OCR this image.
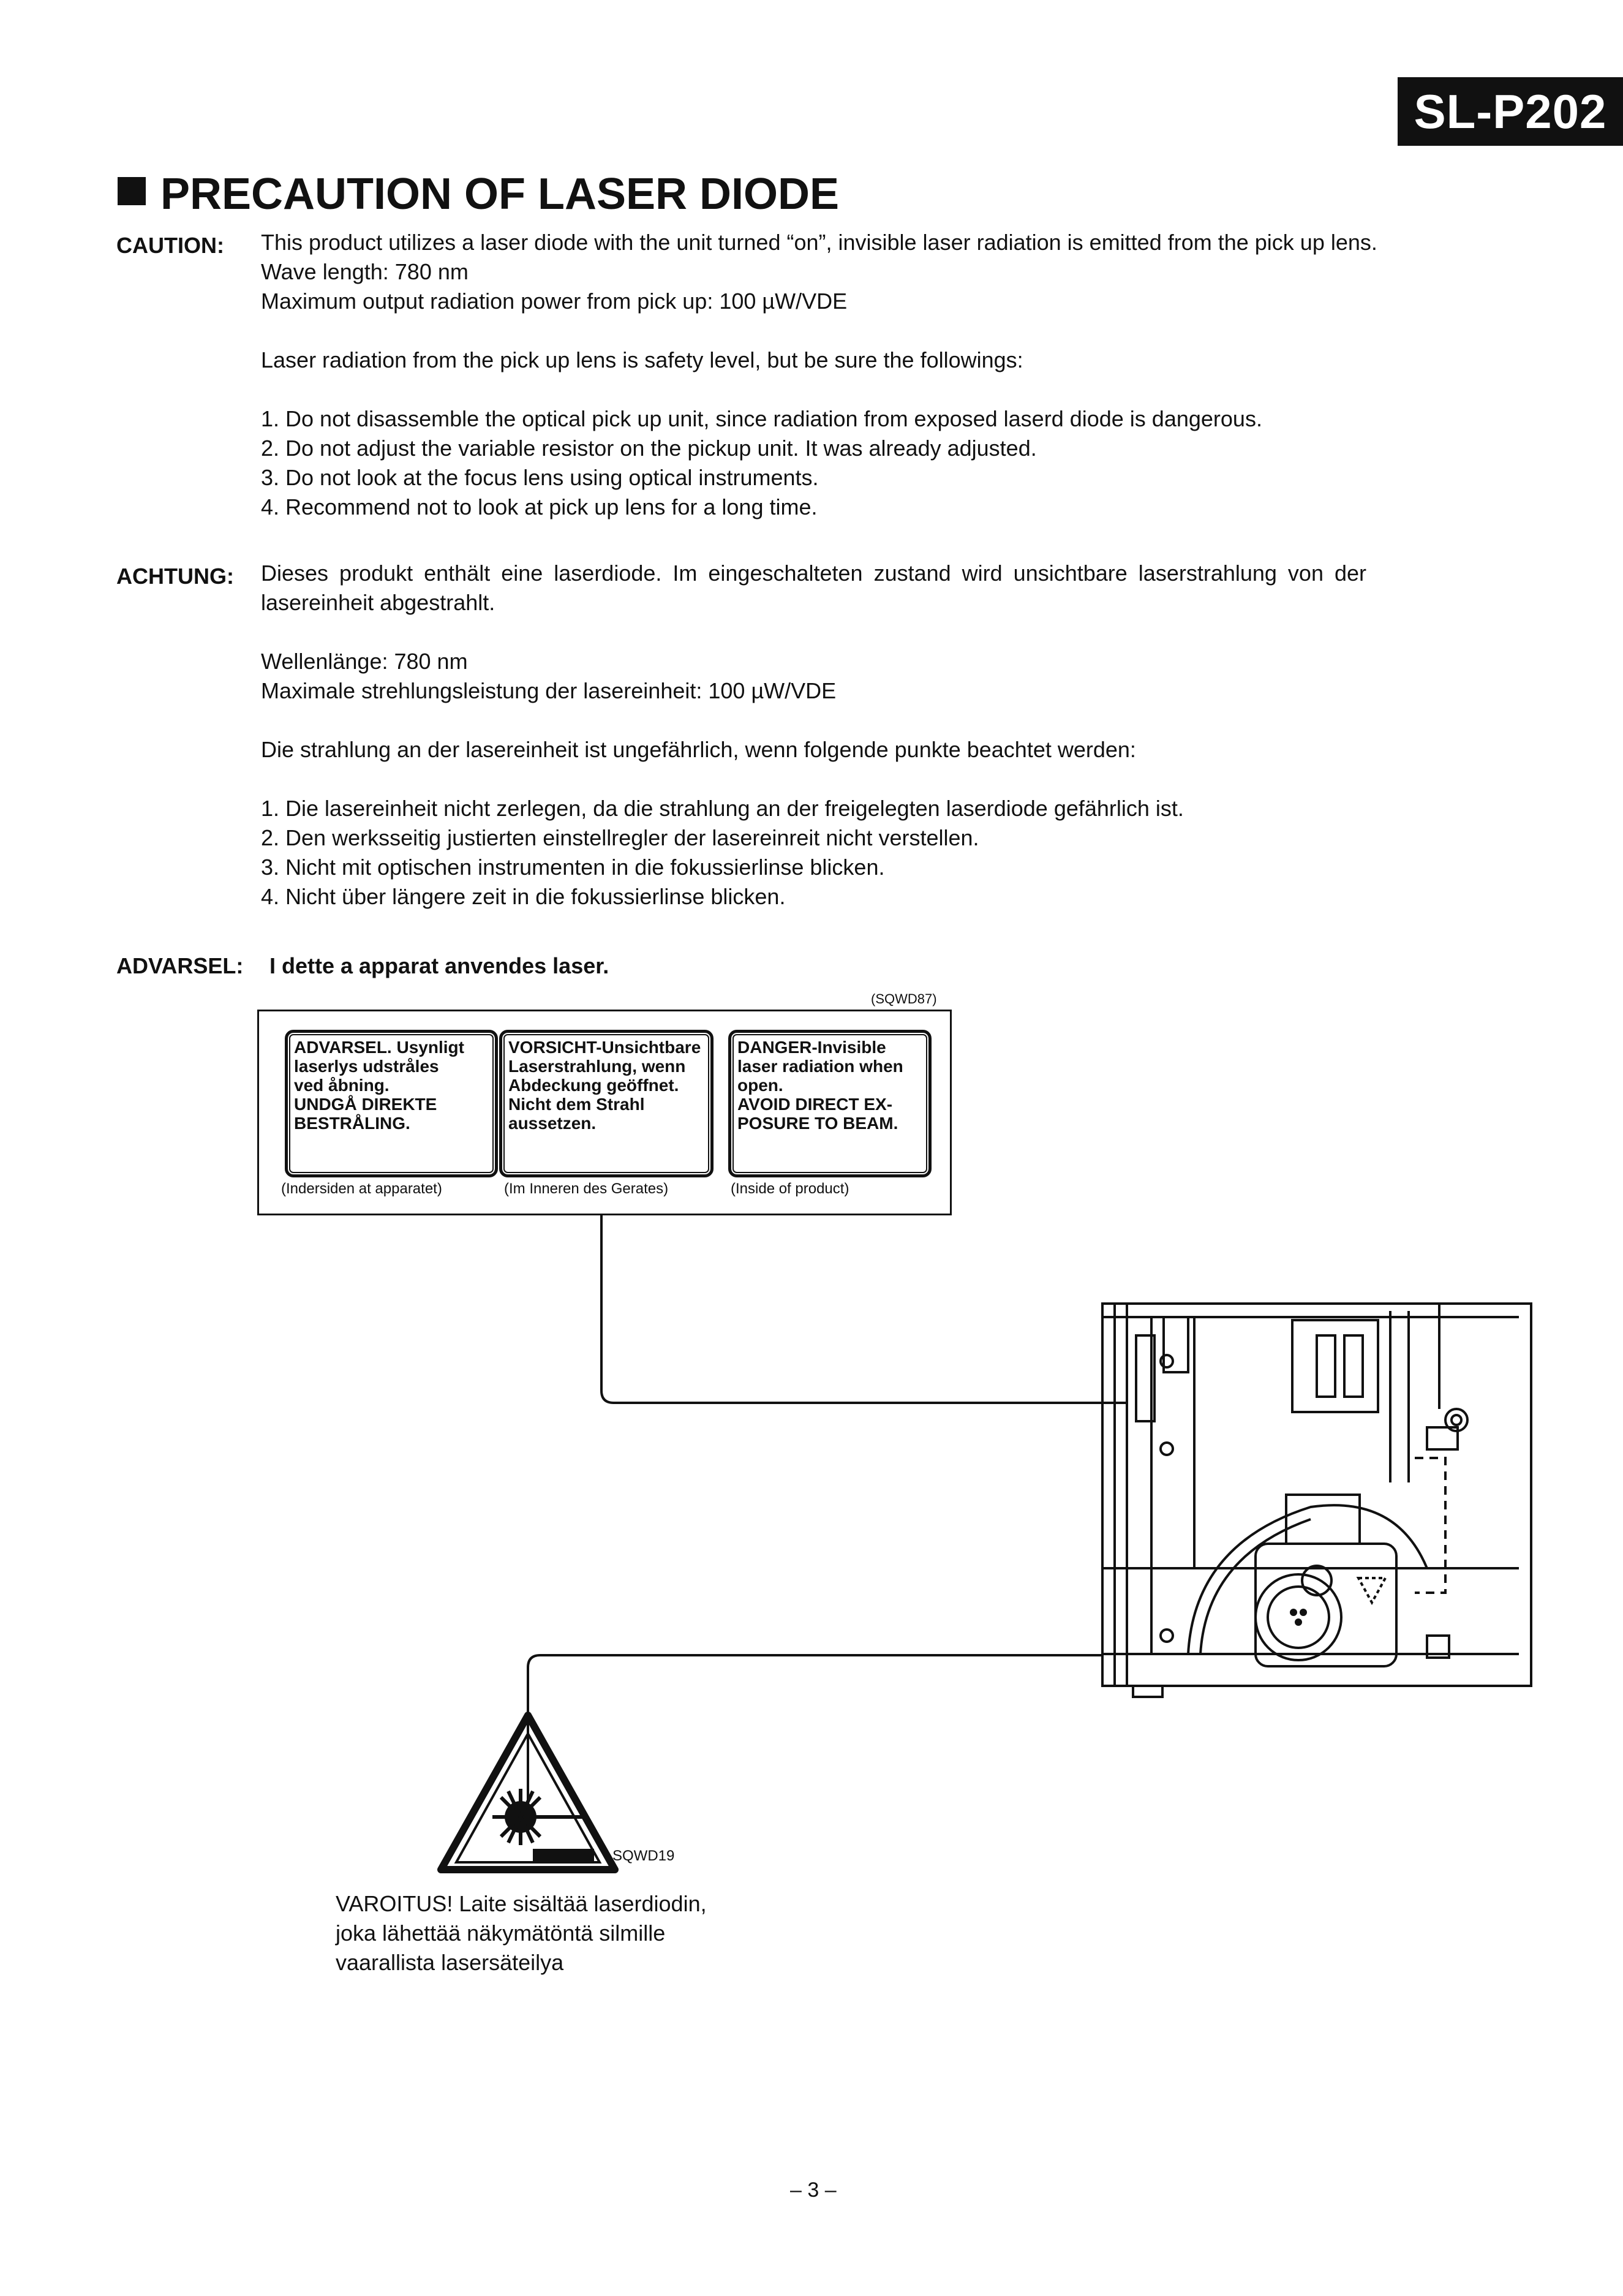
SL-P202
PRECAUTION OF LASER DIODE
CAUTION: This product utilizes a laser diode with the unit turned “on”, invisible laser radiation is emitted from the pick up lens.
Wave length: 780 nm
Maximum output radiation power from pick up: 100 µW/VDE
Laser radiation from the pick up lens is safety level, but be sure the followings:
1. Do not disassemble the optical pick up unit, since radiation from exposed laserd diode is dangerous.
2. Do not adjust the variable resistor on the pickup unit. It was already adjusted.
3. Do not look at the focus lens using optical instruments.
4. Recommend not to look at pick up lens for a long time.
ACHTUNG: Dieses produkt enthält eine laserdiode. Im eingeschalteten zustand wird unsichtbare laserstrahlung von der
lasereinheit abgestrahlt.
Wellenlänge: 780 nm
Maximale strehlungsleistung der lasereinheit: 100 µW/VDE
Die strahlung an der lasereinheit ist ungefährlich, wenn folgende punkte beachtet werden:
1. Die lasereinheit nicht zerlegen, da die strahlung an der freigelegten laserdiode gefährlich ist.
2. Den werksseitig justierten einstellregler der lasereinreit nicht verstellen.
3. Nicht mit optischen instrumenten in die fokussierlinse blicken.
4. Nicht über längere zeit in die fokussierlinse blicken.
ADVARSEL: I dette a apparat anvendes laser.
(SQWD87)
ADVARSEL. Usynligt
laserlys udstråles
ved åbning.
UNDGÅ DIREKTE
BESTRÅLING.
VORSICHT-Unsichtbare
Laserstrahlung, wenn
Abdeckung geöffnet.
Nicht dem Strahl
aussetzen.
DANGER-Invisible
laser radiation when
open.
AVOID DIRECT EX-
POSURE TO BEAM.
(Indersiden at apparatet)	(Im Inneren des Gerates)	(Inside of product)
SQWD19
VAROITUS! Laite sisältää laserdiodin,
joka lähettää näkymätöntä silmille
vaarallista lasersäteilya
– 3 –
